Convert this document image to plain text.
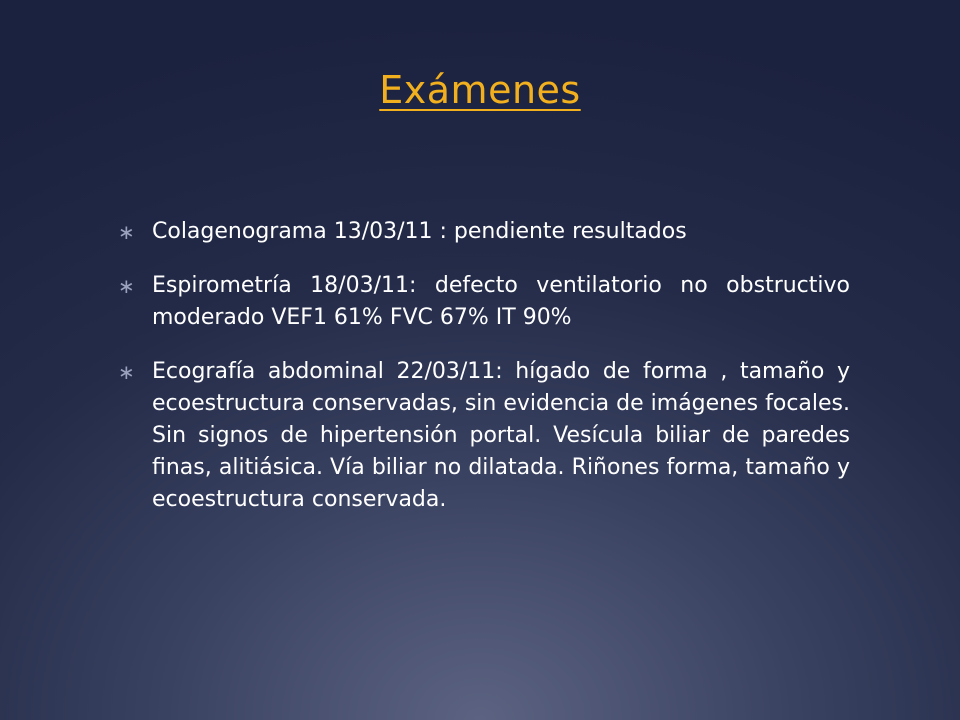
Exámenes
∗ Colagenograma 13/03/11 : pendiente resultados
∗ Espirometría 18/03/11: defecto ventilatorio no obstructivo moderado VEF1 61% FVC 67% IT 90%
∗ Ecografía abdominal 22/03/11: hígado de forma , tamaño y ecoestructura conservadas, sin evidencia de imágenes focales. Sin signos de hipertensión portal. Vesícula biliar de paredes finas, alitiásica. Vía biliar no dilatada. Riñones forma, tamaño y ecoestructura conservada.
